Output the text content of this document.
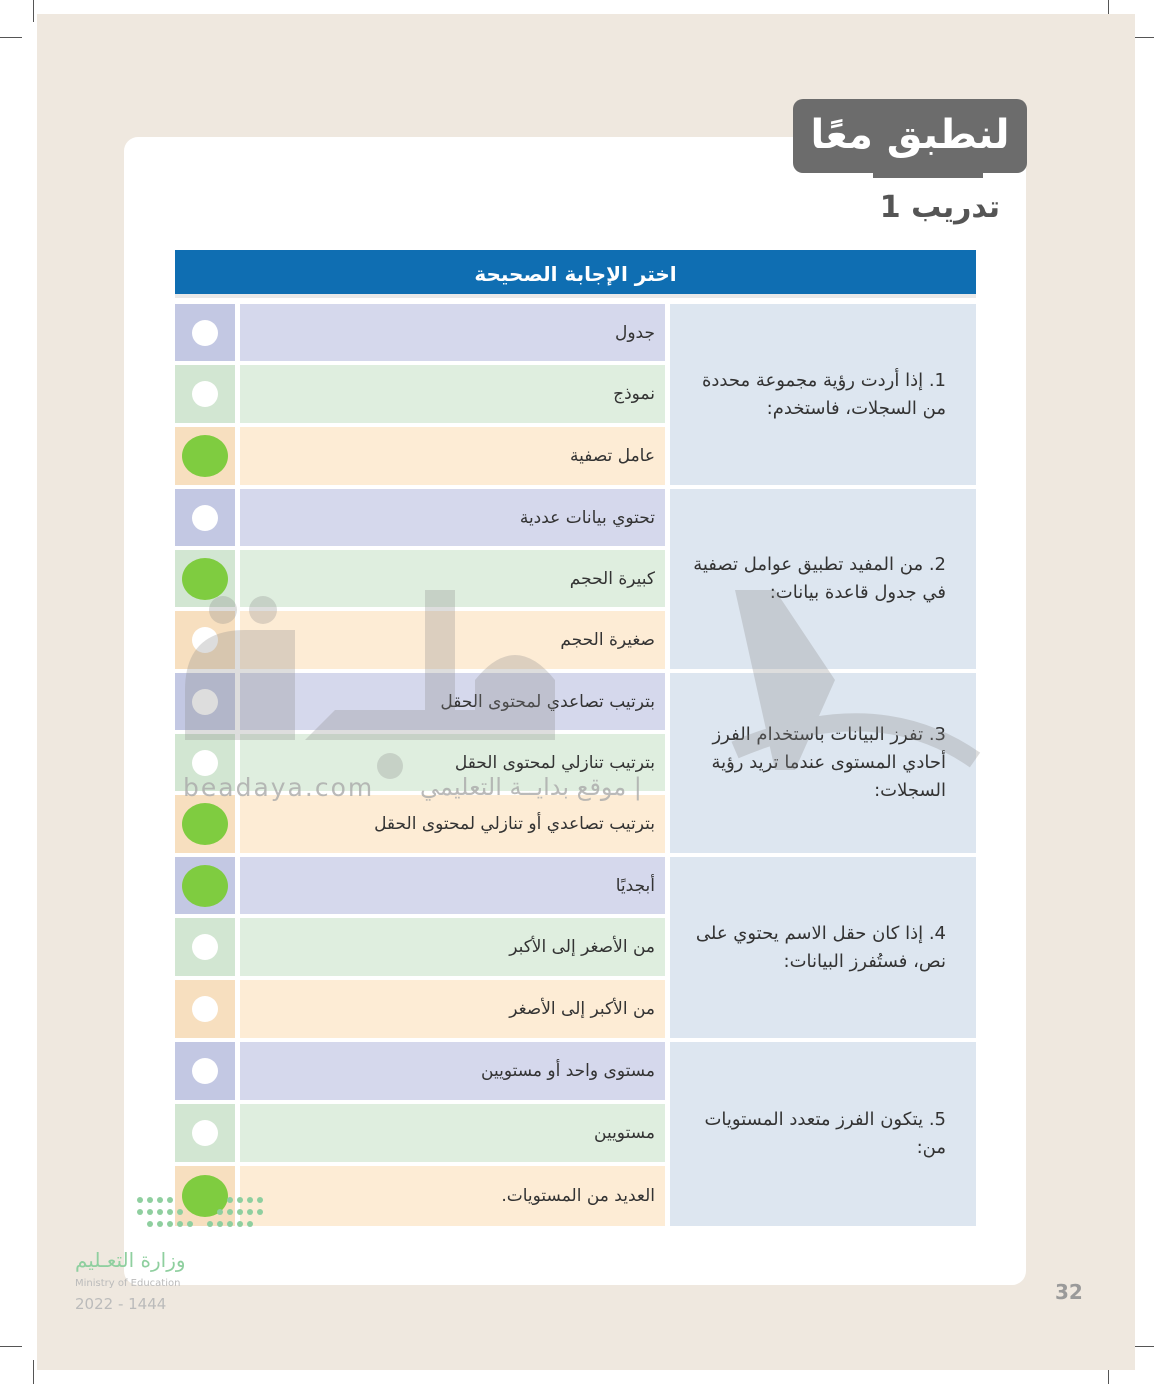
لنطبق معًا
تدريب 1
اختر الإجابة الصحيحة
1. إذا أردت رؤية مجموعة محددة من السجلات، فاستخدم:
جدول
نموذج
عامل تصفية
2. من المفيد تطبيق عوامل تصفية في جدول قاعدة بيانات:
تحتوي بيانات عددية
كبيرة الحجم
صغيرة الحجم
3. تفرز البيانات باستخدام الفرز أحادي المستوى عندما تريد رؤية السجلات:
بترتيب تصاعدي لمحتوى الحقل
بترتيب تنازلي لمحتوى الحقل
بترتيب تصاعدي أو تنازلي لمحتوى الحقل
4. إذا كان حقل الاسم يحتوي على نص، فستُفرز البيانات:
أبجديًا
من الأصغر إلى الأكبر
من الأكبر إلى الأصغر
5. يتكون الفرز متعدد المستويات من:
مستوى واحد أو مستويين
مستويين
العديد من المستويات.
beadaya.com | موقع بدايــة التعليمي
وزارة التعـليم
Ministry of Education
2022 - 1444	32
